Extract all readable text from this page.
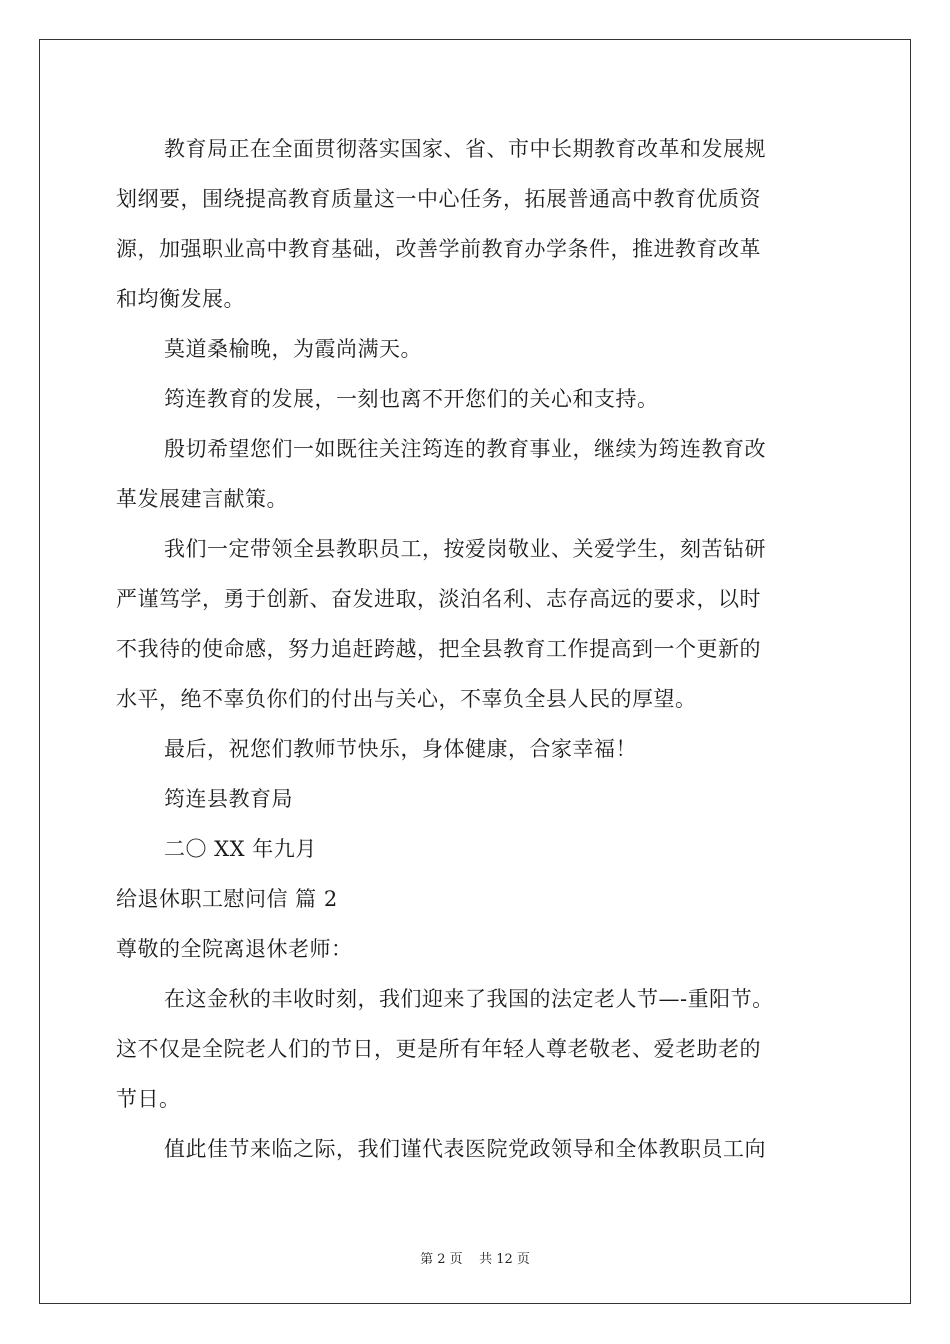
教育局正在全面贯彻落实国家、省、市中长期教育改革和发展规
划纲要，围绕提高教育质量这一中心任务，拓展普通高中教育优质资
源，加强职业高中教育基础，改善学前教育办学条件，推进教育改革
和均衡发展。
莫道桑榆晚，为霞尚满天。
筠连教育的发展，一刻也离不开您们的关心和支持。
殷切希望您们一如既往关注筠连的教育事业，继续为筠连教育改
革发展建言献策。
我们一定带领全县教职员工，按爱岗敬业、关爱学生，刻苦钻研
严谨笃学，勇于创新、奋发进取，淡泊名利、志存高远的要求，以时
不我待的使命感，努力追赶跨越，把全县教育工作提高到一个更新的
水平，绝不辜负你们的付出与关心，不辜负全县人民的厚望。
最后，祝您们教师节快乐，身体健康，合家幸福！
筠连县教育局
二〇 XX 年九月
给退休职工慰问信 篇 2
尊敬的全院离退休老师：
在这金秋的丰收时刻，我们迎来了我国的法定老人节—-重阳节。
这不仅是全院老人们的节日，更是所有年轻人尊老敬老、爱老助老的
节日。
值此佳节来临之际，我们谨代表医院党政领导和全体教职员工向
第 2 页    共 12 页
